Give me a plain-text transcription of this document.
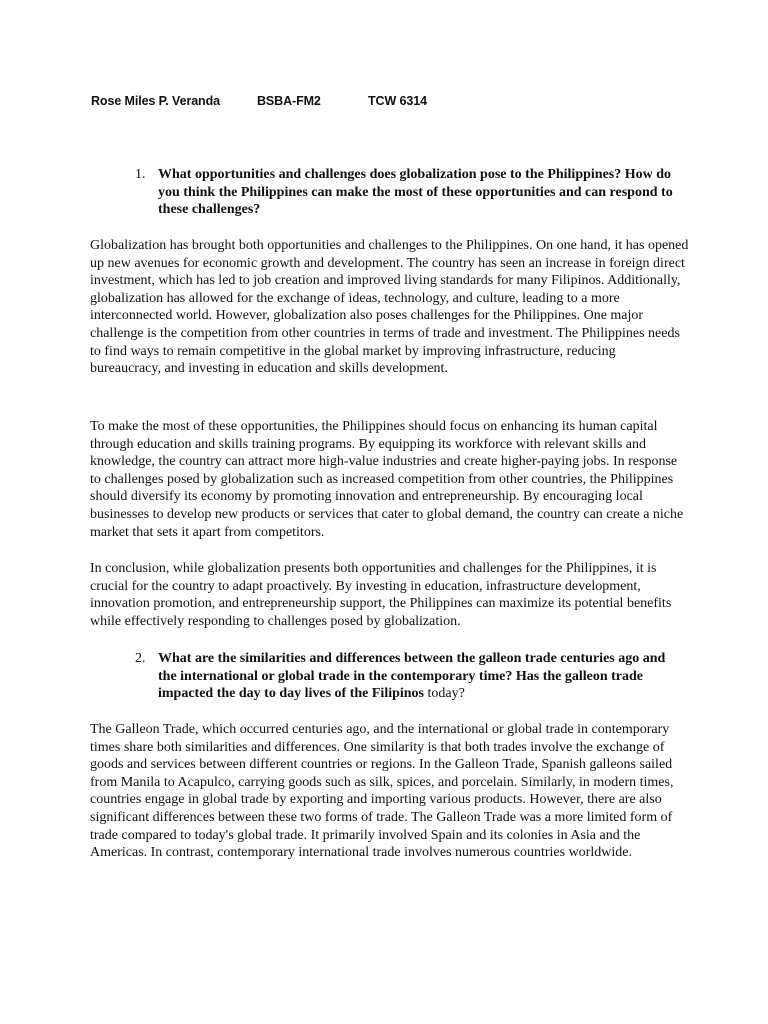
Rose Miles P. Veranda	BSBA-FM2	TCW 6314
1. What opportunities and challenges does globalization pose to the Philippines? How do you think the Philippines can make the most of these opportunities and can respond to these challenges?

Globalization has brought both opportunities and challenges to the Philippines. On one hand, it has opened up new avenues for economic growth and development. The country has seen an increase in foreign direct investment, which has led to job creation and improved living standards for many Filipinos. Additionally, globalization has allowed for the exchange of ideas, technology, and culture, leading to a more interconnected world. However, globalization also poses challenges for the Philippines. One major challenge is the competition from other countries in terms of trade and investment. The Philippines needs to find ways to remain competitive in the global market by improving infrastructure, reducing bureaucracy, and investing in education and skills development.

To make the most of these opportunities, the Philippines should focus on enhancing its human capital through education and skills training programs. By equipping its workforce with relevant skills and knowledge, the country can attract more high-value industries and create higher-paying jobs. In response to challenges posed by globalization such as increased competition from other countries, the Philippines should diversify its economy by promoting innovation and entrepreneurship. By encouraging local businesses to develop new products or services that cater to global demand, the country can create a niche market that sets it apart from competitors.

In conclusion, while globalization presents both opportunities and challenges for the Philippines, it is crucial for the country to adapt proactively. By investing in education, infrastructure development, innovation promotion, and entrepreneurship support, the Philippines can maximize its potential benefits while effectively responding to challenges posed by globalization.

2. What are the similarities and differences between the galleon trade centuries ago and the international or global trade in the contemporary time? Has the galleon trade impacted the day to day lives of the Filipinos today?

The Galleon Trade, which occurred centuries ago, and the international or global trade in contemporary times share both similarities and differences. One similarity is that both trades involve the exchange of goods and services between different countries or regions. In the Galleon Trade, Spanish galleons sailed from Manila to Acapulco, carrying goods such as silk, spices, and porcelain. Similarly, in modern times, countries engage in global trade by exporting and importing various products. However, there are also significant differences between these two forms of trade. The Galleon Trade was a more limited form of trade compared to today's global trade. It primarily involved Spain and its colonies in Asia and the Americas. In contrast, contemporary international trade involves numerous countries worldwide.
